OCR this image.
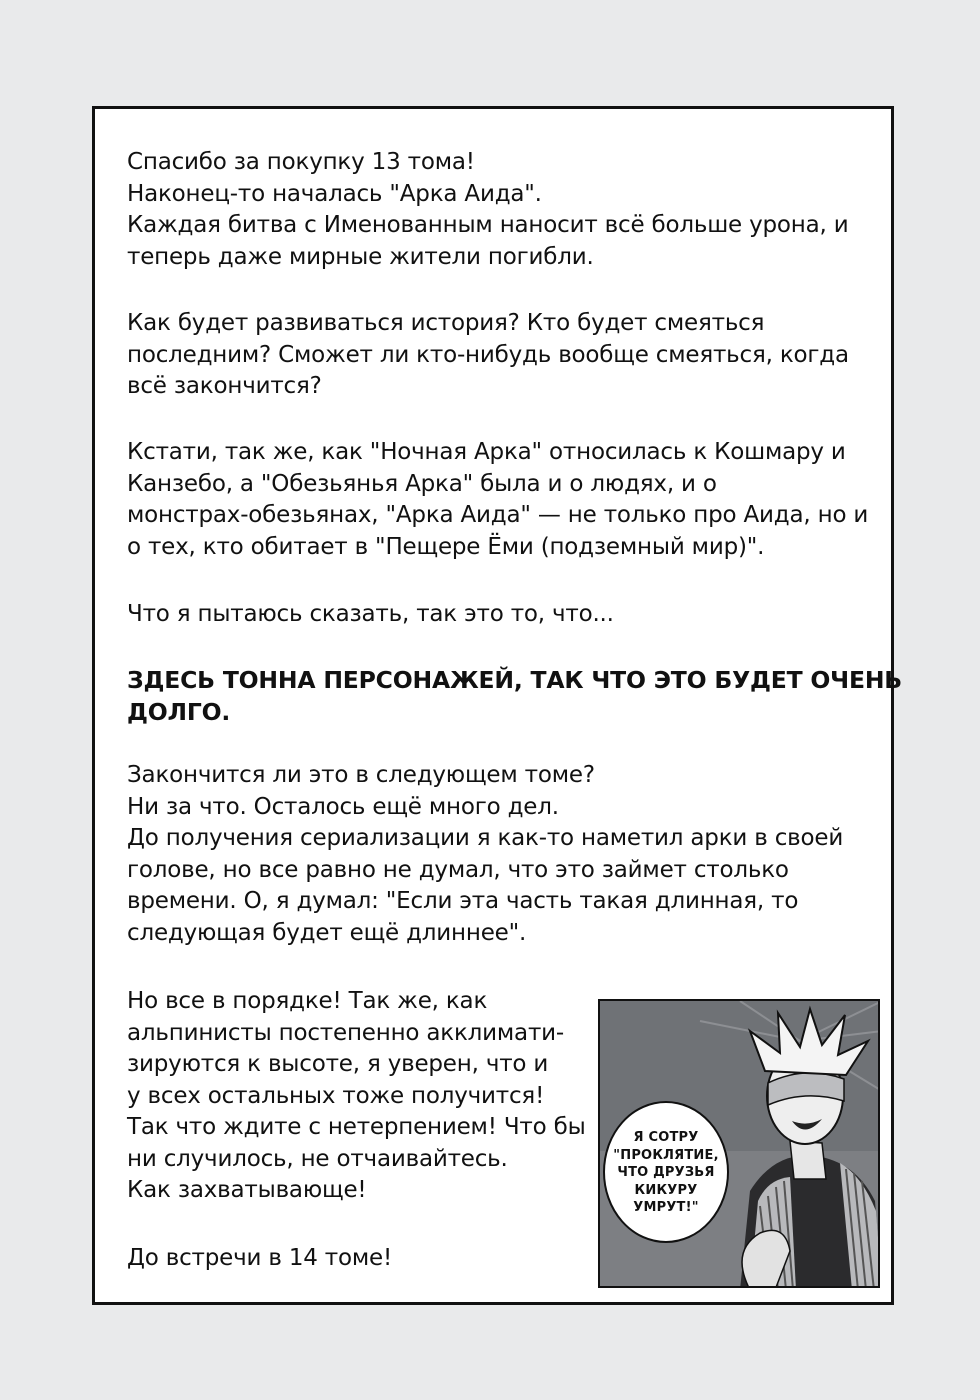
Спасибо за покупку 13 тома!
Наконец-то началась "Арка Аида".
Каждая битва с Именованным наносит всё больше урона, и
теперь даже мирные жители погибли.
Как будет развиваться история? Кто будет смеяться
последним? Сможет ли кто-нибудь вообще смеяться, когда
всё закончится?
Кстати, так же, как "Ночная Арка" относилась к Кошмару и
Канзебо, а "Обезьянья Арка" была и о людях, и о
монстрах-обезьянах, "Арка Аида" — не только про Аида, но и
о тех, кто обитает в "Пещере Ёми (подземный мир)".
Что я пытаюсь сказать, так это то, что...
ЗДЕСЬ ТОННА ПЕРСОНАЖЕЙ, ТАК ЧТО ЭТО БУДЕТ ОЧЕНЬ
ДОЛГО.
Закончится ли это в следующем томе?
Ни за что. Осталось ещё много дел.
До получения сериализации я как-то наметил арки в своей
голове, но все равно не думал, что это займет столько
времени. О, я думал: "Если эта часть такая длинная, то
следующая будет ещё длиннее".
Но все в порядке! Так же, как
альпинисты постепенно акклимати-
зируются к высоте, я уверен, что и
у всех остальных тоже получится!
Так что ждите с нетерпением! Что бы
ни случилось, не отчаивайтесь.
Как захватывающе!
До встречи в 14 томе!
Я СОТРУ
"ПРОКЛЯТИЕ,
ЧТО ДРУЗЬЯ
КИКУРУ
УМРУТ!"
